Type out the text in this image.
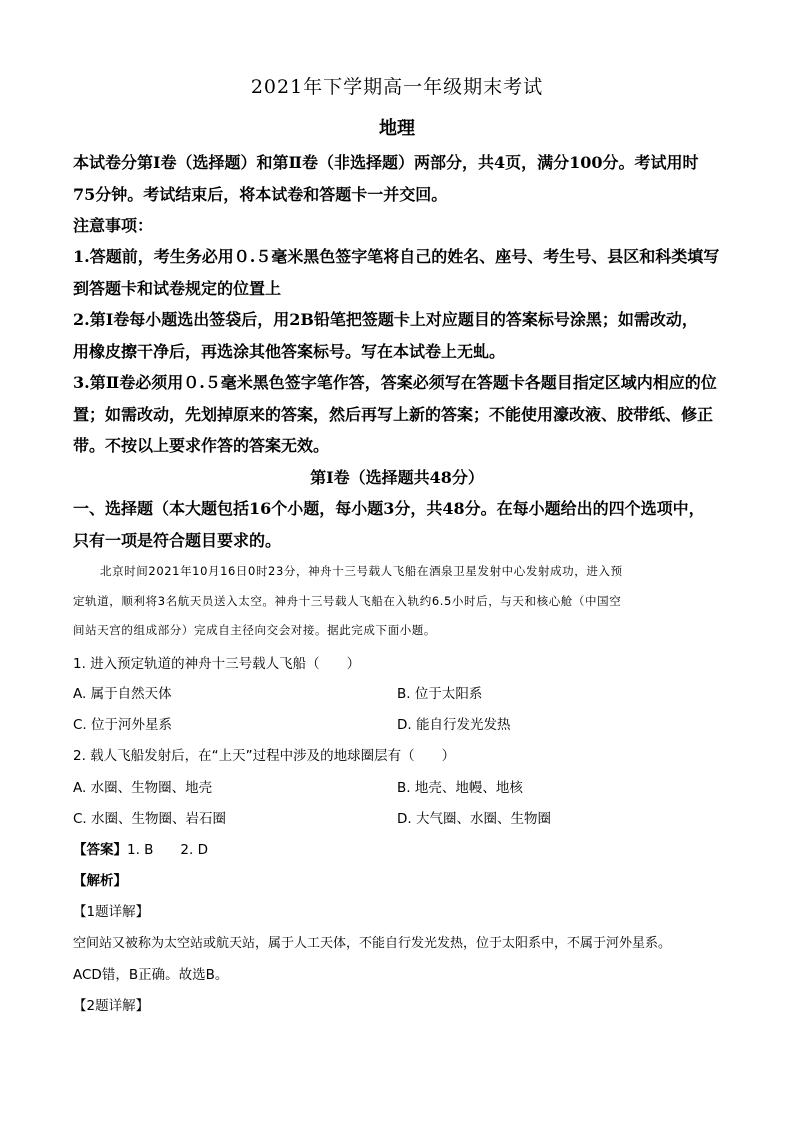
2021年下学期高一年级期末考试
地理
本试卷分第Ⅰ卷（选择题）和第Ⅱ卷（非选择题）两部分，共4页，满分100分。考试用时
75分钟。考试结束后，将本试卷和答题卡一并交回。
注意事项：
1.答题前，考生务必用０.５毫米黑色签字笔将自己的姓名、座号、考生号、县区和科类填写
到答题卡和试卷规定的位置上
2.第Ⅰ卷每小题选出签袋后，用2B铅笔把签题卡上对应题目的答案标号涂黑；如需改动，
用橡皮擦干净后，再选涂其他答案标号。写在本试卷上无虬。
3.第Ⅱ卷必须用０.５毫米黑色签字笔作答，答案必须写在答题卡各题目指定区域内相应的位
置；如需改动，先划掉原来的答案，然后再写上新的答案；不能使用濠改液、胶带纸、修正
带。不按以上要求作答的答案无效。
第Ⅰ卷（选择题共48分）
一、选择题（本大题包括16个小题，每小题3分，共48分。在每小题给出的四个选项中，
只有一项是符合题目要求的。
北京时间2021年10月16日0时23分，神舟十三号载人飞船在酒泉卫星发射中心发射成功，进入预
定轨道，顺利将3名航天员送入太空。神舟十三号载人飞船在入轨约6.5小时后，与天和核心舱（中国空
间站天宫的组成部分）完成自主径向交会对接。据此完成下面小题。
1. 进入预定轨道的神舟十三号载人飞船（　　）
A. 属于自然天体	B. 位于太阳系
C. 位于河外星系	D. 能自行发光发热
2. 载人飞船发射后，在“上天”过程中涉及的地球圈层有（　　）
A. 水圈、生物圈、地壳	B. 地壳、地幔、地核
C. 水圈、生物圈、岩石圈	D. 大气圈、水圈、生物圈
【答案】1. B　　2. D
【解析】
【1题详解】
空间站又被称为太空站或航天站，属于人工天体，不能自行发光发热，位于太阳系中，不属于河外星系。
ACD错，B正确。故选B。
【2题详解】
